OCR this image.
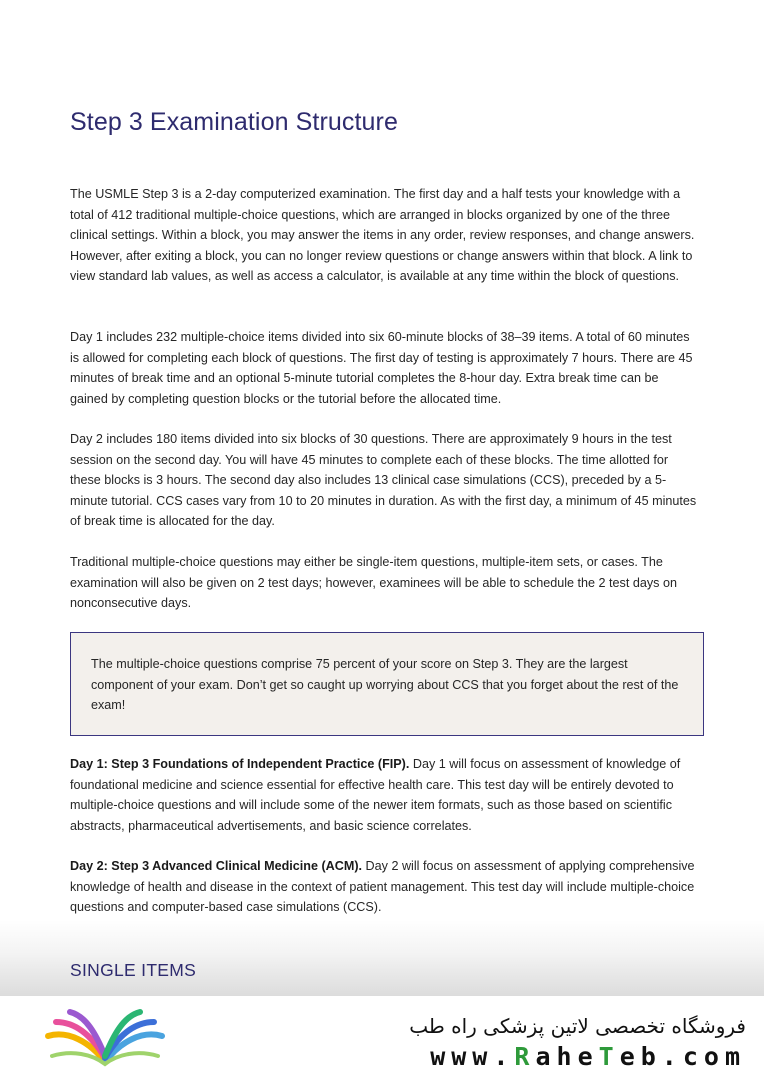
Step 3 Examination Structure

The USMLE Step 3 is a 2-day computerized examination. The first day and a half tests your knowledge with a total of 412 traditional multiple-choice questions, which are arranged in blocks organized by one of the three clinical settings. Within a block, you may answer the items in any order, review responses, and change answers. However, after exiting a block, you can no longer review questions or change answers within that block. A link to view standard lab values, as well as access a calculator, is available at any time within the block of questions.

Day 1 includes 232 multiple-choice items divided into six 60-minute blocks of 38–39 items. A total of 60 minutes is allowed for completing each block of questions. The first day of testing is approximately 7 hours. There are 45 minutes of break time and an optional 5-minute tutorial completes the 8-hour day. Extra break time can be gained by completing question blocks or the tutorial before the allocated time.

Day 2 includes 180 items divided into six blocks of 30 questions. There are approximately 9 hours in the test session on the second day. You will have 45 minutes to complete each of these blocks. The time allotted for these blocks is 3 hours. The second day also includes 13 clinical case simulations (CCS), preceded by a 5-minute tutorial. CCS cases vary from 10 to 20 minutes in duration. As with the first day, a minimum of 45 minutes of break time is allocated for the day.

Traditional multiple-choice questions may either be single-item questions, multiple-item sets, or cases. The examination will also be given on 2 test days; however, examinees will be able to schedule the 2 test days on nonconsecutive days.

The multiple-choice questions comprise 75 percent of your score on Step 3. They are the largest component of your exam. Don’t get so caught up worrying about CCS that you forget about the rest of the exam!

Day 1: Step 3 Foundations of Independent Practice (FIP). Day 1 will focus on assessment of knowledge of foundational medicine and science essential for effective health care. This test day will be entirely devoted to multiple-choice questions and will include some of the newer item formats, such as those based on scientific abstracts, pharmaceutical advertisements, and basic science correlates.

Day 2: Step 3 Advanced Clinical Medicine (ACM). Day 2 will focus on assessment of applying comprehensive knowledge of health and disease in the context of patient management. This test day will include multiple-choice questions and computer-based case simulations (CCS).

SINGLE ITEMS

فروشگاه تخصصی لاتین پزشکی راه طب

www.RaheTeb.com
